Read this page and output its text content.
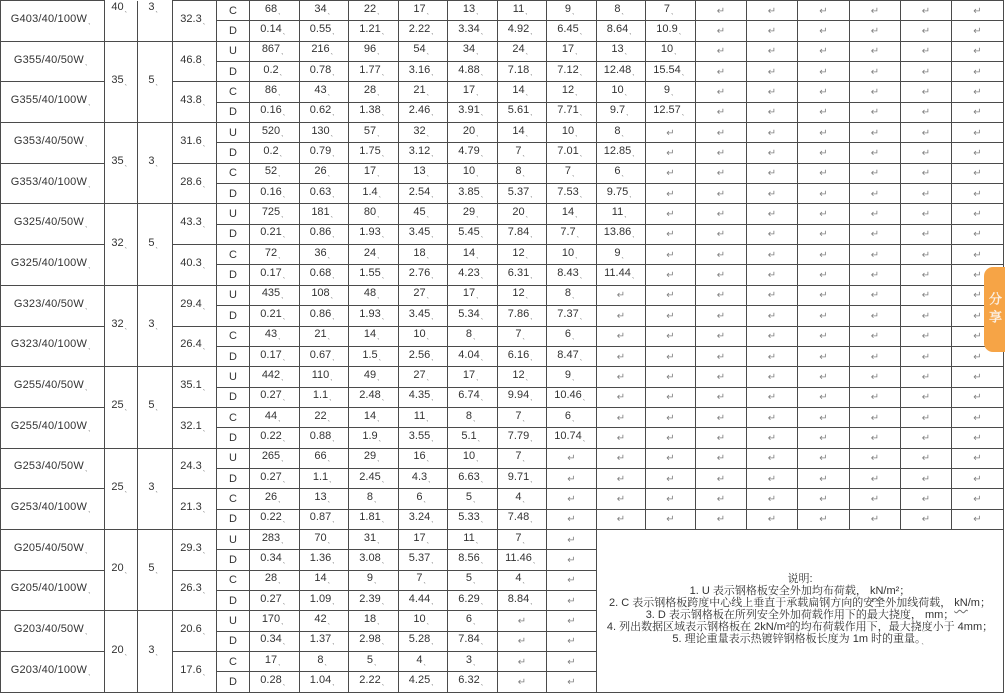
G403/40/100W、	40、	3、	32.3、	C	68、	34、	22、	17、	13、	11、	9、	8、	7、	↵	↵	↵	↵	↵	↵
				D	0.14、	0.55、	1.21、	2.22、	3.34、	4.92、	6.45、	8.64、	10.9、	↵	↵	↵	↵	↵	↵
G355/40/50W、	35、	5、	46.8、	U	867、	216、	96、	54、	34、	24、	17、	13、	10、	↵	↵	↵	↵	↵	↵
				D	0.2、	0.78、	1.77、	3.16、	4.88、	7.18、	7.12、	12.48、	15.54、	↵	↵	↵	↵	↵	↵
G355/40/100W、			43.8、	C	86、	43、	28、	21、	17、	14、	12、	10、	9、	↵	↵	↵	↵	↵	↵
				D	0.16、	0.62、	1.38、	2.46、	3.91、	5.61、	7.71、	9.7、	12.57、	↵	↵	↵	↵	↵	↵
G353/40/50W、	35、	3、	31.6、	U	520、	130、	57、	32、	20、	14、	10、	8、	↵	↵	↵	↵	↵	↵	↵
				D	0.2、	0.79、	1.75、	3.12、	4.79、	7、	7.01、	12.85、	↵	↵	↵	↵	↵	↵	↵
G353/40/100W、			28.6、	C	52、	26、	17、	13、	10、	8、	7、	6、	↵	↵	↵	↵	↵	↵	↵
				D	0.16、	0.63、	1.4、	2.54、	3.85、	5.37、	7.53、	9.75、	↵	↵	↵	↵	↵	↵	↵
G325/40/50W、	32、	5、	43.3、	U	725、	181、	80、	45、	29、	20、	14、	11、	↵	↵	↵	↵	↵	↵	↵
				D	0.21、	0.86、	1.93、	3.45、	5.45、	7.84、	7.7、	13.86、	↵	↵	↵	↵	↵	↵	↵
G325/40/100W、			40.3、	C	72、	36、	24、	18、	14、	12、	10、	9、	↵	↵	↵	↵	↵	↵	↵
				D	0.17、	0.68、	1.55、	2.76、	4.23、	6.31、	8.43、	11.44、	↵	↵	↵	↵	↵	↵	↵
G323/40/50W、	32、	3、	29.4、	U	435、	108、	48、	27、	17、	12、	8、	↵	↵	↵	↵	↵	↵	↵	↵
				D	0.21、	0.86、	1.93、	3.45、	5.34、	7.86、	7.37、	↵	↵	↵	↵	↵	↵	↵	↵
G323/40/100W、			26.4、	C	43、	21、	14、	10、	8、	7、	6、	↵	↵	↵	↵	↵	↵	↵	↵
				D	0.17、	0.67、	1.5、	2.56、	4.04、	6.16、	8.47、	↵	↵	↵	↵	↵	↵	↵	↵
G255/40/50W、	25、	5、	35.1、	U	442、	110、	49、	27、	17、	12、	9、	↵	↵	↵	↵	↵	↵	↵	↵
				D	0.27、	1.1、	2.48、	4.35、	6.74、	9.94、	10.46、	↵	↵	↵	↵	↵	↵	↵	↵
G255/40/100W、			32.1、	C	44、	22、	14、	11、	8、	7、	6、	↵	↵	↵	↵	↵	↵	↵	↵
				D	0.22、	0.88、	1.9、	3.55、	5.1、	7.79、	10.74、	↵	↵	↵	↵	↵	↵	↵	↵
G253/40/50W、	25、	3、	24.3、	U	265、	66、	29、	16、	10、	7、	↵	↵	↵	↵	↵	↵	↵	↵	↵
				D	0.27、	1.1、	2.45、	4.3、	6.63、	9.71、	↵	↵	↵	↵	↵	↵	↵	↵	↵
G253/40/100W、			21.3、	C	26、	13、	8、	6、	5、	4、	↵	↵	↵	↵	↵	↵	↵	↵	↵
				D	0.22、	0.87、	1.81、	3.24、	5.33、	7.48、	↵	↵	↵	↵	↵	↵	↵	↵	↵
G205/40/50W、	20、	5、	29.3、	U	283、	70、	31、	17、	11、	7、	↵	
说明:
1. U 表示钢格板安全外加均布荷载， kN/m²；
2. C 表示钢格板跨度中心线上垂直于承载扁钢方向的安全外加线荷载， kN/m；
3. D 表示钢格板在所列安全外加荷载作用下的最大挠度， mm；
4. 列出数据区域表示钢格板在 2kN/m²的均布荷载作用下，最大挠度小于 4mm；
5. 理论重量表示热镀锌钢格板长度为 1m 时的重量。、

				D	0.34、	1.36、	3.08、	5.37、	8.56、	11.46、	↵								
G205/40/100W、			26.3、	C	28、	14、	9、	7、	5、	4、	↵								
				D	0.27、	1.09、	2.39、	4.44、	6.29、	8.84、	↵								
G203/40/50W、	20、	3、	20.6、	U	170、	42、	18、	10、	6、	↵	↵								
				D	0.34、	1.37、	2.98、	5.28、	7.84、	↵	↵								
G203/40/100W、			17.6、	C	17、	8、	5、	4、	3、	↵	↵								
				D	0.28、	1.04、	2.22、	4.25、	6.32、	↵	↵								
分享
